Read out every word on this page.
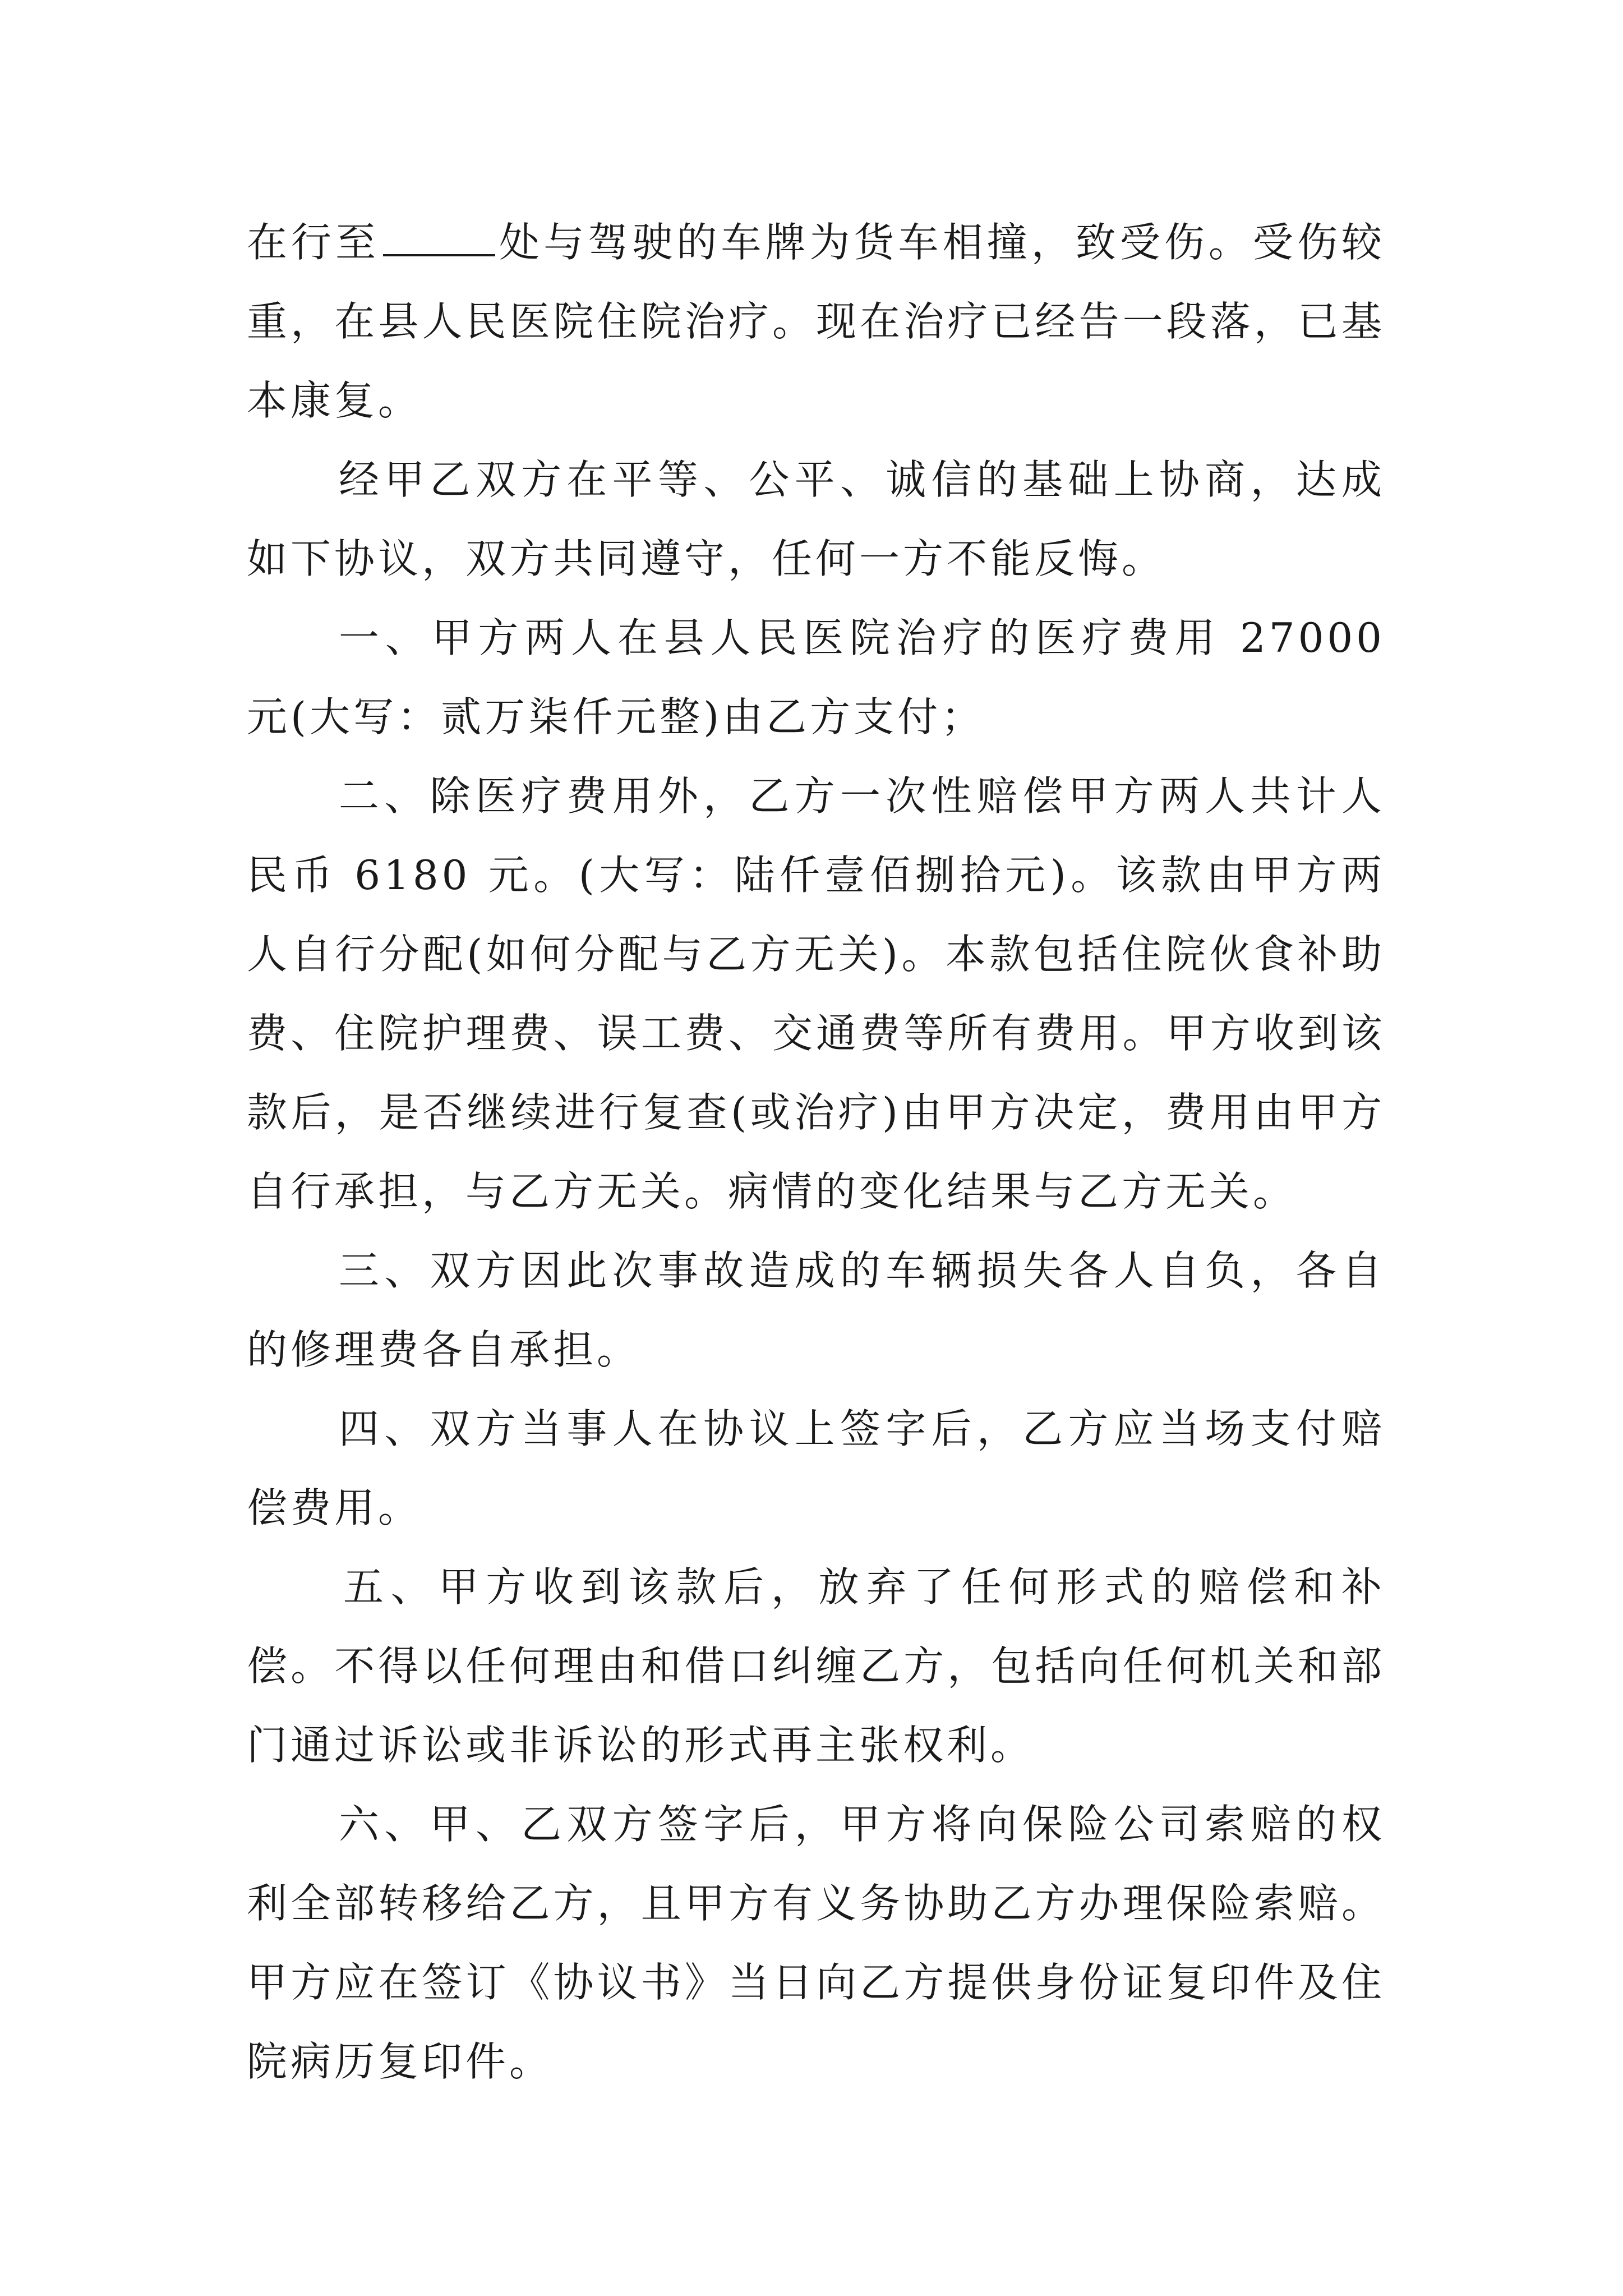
在行至	处与驾驶的车牌为货车相撞，致受伤。受伤较重，在县人民医院住院治疗。现在治疗已经告一段落，已基本康复。

经甲乙双方在平等、公平、诚信的基础上协商，达成如下协议，双方共同遵守，任何一方不能反悔。

一、甲方两人在县人民医院治疗的医疗费用 27000 元(大写：贰万柒仟元整)由乙方支付；

二、除医疗费用外，乙方一次性赔偿甲方两人共计人民币 6180 元。(大写：陆仟壹佰捌拾元)。该款由甲方两人自行分配(如何分配与乙方无关)。本款包括住院伙食补助费、住院护理费、误工费、交通费等所有费用。甲方收到该款后，是否继续进行复查(或治疗)由甲方决定，费用由甲方自行承担，与乙方无关。病情的变化结果与乙方无关。

三、双方因此次事故造成的车辆损失各人自负，各自的修理费各自承担。

四、双方当事人在协议上签字后，乙方应当场支付赔偿费用。

五、甲方收到该款后，放弃了任何形式的赔偿和补偿。不得以任何理由和借口纠缠乙方，包括向任何机关和部门通过诉讼或非诉讼的形式再主张权利。

六、甲、乙双方签字后，甲方将向保险公司索赔的权利全部转移给乙方，且甲方有义务协助乙方办理保险索赔。甲方应在签订《协议书》当日向乙方提供身份证复印件及住院病历复印件。
